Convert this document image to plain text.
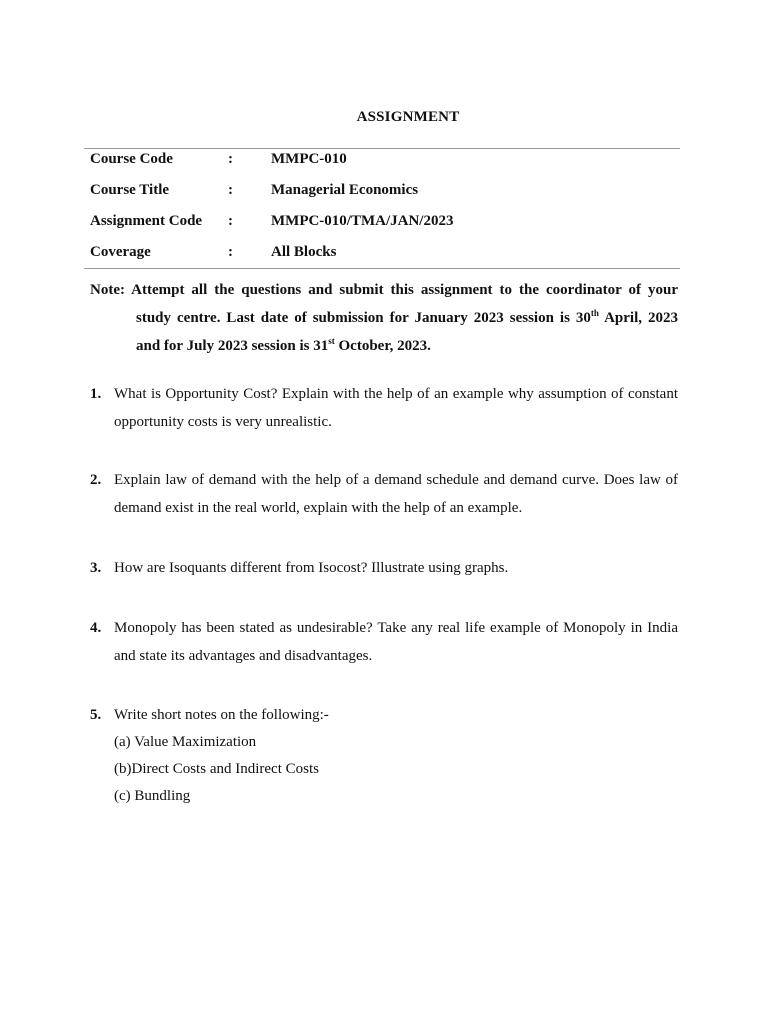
ASSIGNMENT
Course Code	:	MMPC-010
Course Title	:	Managerial Economics
Assignment Code :	MMPC-010/TMA/JAN/2023
Coverage	:	All Blocks
Note: Attempt all the questions and submit this assignment to the coordinator of your
study centre. Last date of submission for January 2023 session is 30th April, 2023
and for July 2023 session is 31st October, 2023.
1. What is Opportunity Cost? Explain with the help of an example why assumption of constant
opportunity costs is very unrealistic.
2. Explain law of demand with the help of a demand schedule and demand curve. Does law of
demand exist in the real world, explain with the help of an example.
3. How are Isoquants different from Isocost? Illustrate using graphs.
4. Monopoly has been stated as undesirable? Take any real life example of Monopoly in India
and state its advantages and disadvantages.
5. Write short notes on the following:-
(a) Value Maximization
(b)Direct Costs and Indirect Costs
(c) Bundling
